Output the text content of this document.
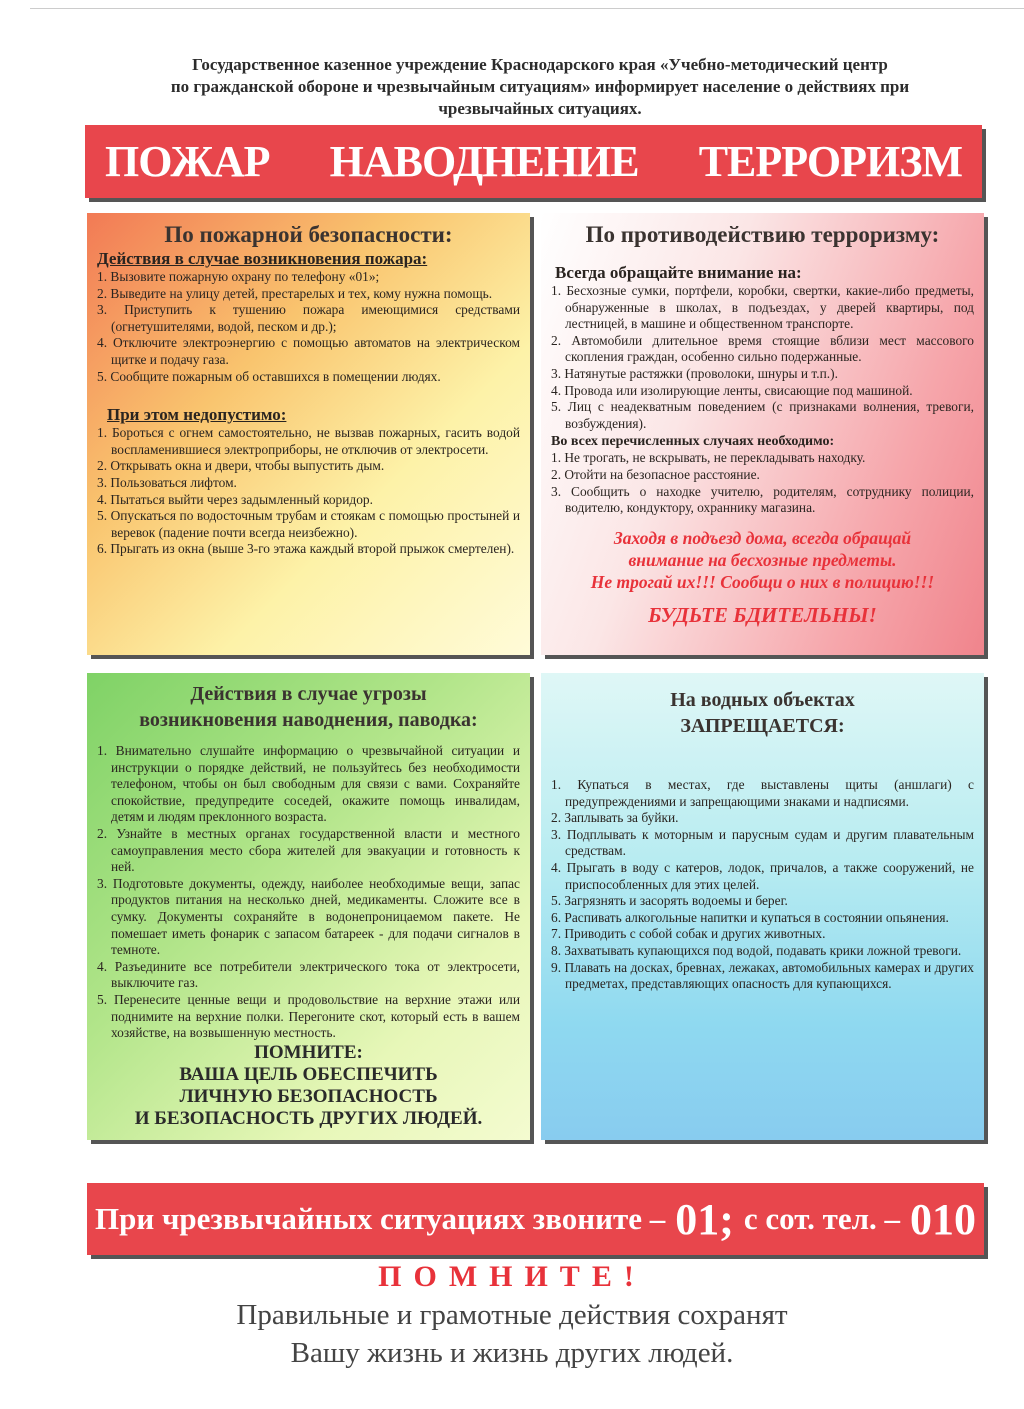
Государственное казенное учреждение Краснодарского края «Учебно-методический центр
по гражданской обороне и чрезвычайным ситуациям» информирует население о действиях при
чрезвычайных ситуациях.
ПОЖАР НАВОДНЕНИЕ ТЕРРОРИЗМ
По пожарной безопасности:
Действия в случае возникновения пожара:
1. Вызовите пожарную охрану по телефону «01»;
2. Выведите на улицу детей, престарелых и тех, кому нужна помощь.
3. Приступить к тушению пожара имеющимися средствами (огнетушителями, водой, песком и др.);
4. Отключите электроэнергию с помощью автоматов на электрическом щитке и подачу газа.
5. Сообщите пожарным об оставшихся в помещении людях.
При этом недопустимо:
1. Бороться с огнем самостоятельно, не вызвав пожарных, гасить водой воспламенившиеся электроприборы, не отключив от электросети.
2. Открывать окна и двери, чтобы выпустить дым.
3. Пользоваться лифтом.
4. Пытаться выйти через задымленный коридор.
5. Опускаться по водосточным трубам и стоякам с помощью простыней и веревок (падение почти всегда неизбежно).
6. Прыгать из окна (выше 3-го этажа каждый второй прыжок смертелен).
По противодействию терроризму:
Всегда обращайте внимание на:
1. Бесхозные сумки, портфели, коробки, свертки, какие-либо предметы, обнаруженные в школах, в подъездах, у дверей квартиры, под лестницей, в машине и общественном транспорте.
2. Автомобили длительное время стоящие вблизи мест массового скопления граждан, особенно сильно подержанные.
3. Натянутые растяжки (проволоки, шнуры и т.п.).
4. Провода или изолирующие ленты, свисающие под машиной.
5. Лиц с неадекватным поведением (с признаками волнения, тревоги, возбуждения).
Во всех перечисленных случаях необходимо:
1. Не трогать, не вскрывать, не перекладывать находку.
2. Отойти на безопасное расстояние.
3. Сообщить о находке учителю, родителям, сотруднику полиции, водителю, кондуктору, охраннику магазина.
Заходя в подъезд дома, всегда обращай
внимание на бесхозные предметы.
Не трогай их!!! Сообщи о них в полицию!!!
БУДЬТЕ БДИТЕЛЬНЫ!
Действия в случае угрозы
возникновения наводнения, паводка:
1. Внимательно слушайте информацию о чрезвычайной ситуации и инструкции о порядке действий, не пользуйтесь без необходимости телефоном, чтобы он был свободным для связи с вами. Сохраняйте спокойствие, предупредите соседей, окажите помощь инвалидам, детям и людям преклонного возраста.
2. Узнайте в местных органах государственной власти и местного самоуправления место сбора жителей для эвакуации и готовность к ней.
3. Подготовьте документы, одежду, наиболее необходимые вещи, запас продуктов питания на несколько дней, медикаменты. Сложите все в сумку. Документы сохраняйте в водонепроницаемом пакете. Не помешает иметь фонарик с запасом батареек - для подачи сигналов в темноте.
4. Разъедините все потребители электрического тока от электросети, выключите газ.
5. Перенесите ценные вещи и продовольствие на верхние этажи или поднимите на верхние полки. Перегоните скот, который есть в вашем хозяйстве, на возвышенную местность.
ПОМНИТЕ:
ВАША ЦЕЛЬ ОБЕСПЕЧИТЬ
ЛИЧНУЮ БЕЗОПАСНОСТЬ
И БЕЗОПАСНОСТЬ ДРУГИХ ЛЮДЕЙ.
На водных объектах
ЗАПРЕЩАЕТСЯ:
1. Купаться в местах, где выставлены щиты (аншлаги) с предупреждениями и запрещающими знаками и надписями.
2. Заплывать за буйки.
3. Подплывать к моторным и парусным судам и другим плавательным средствам.
4. Прыгать в воду с катеров, лодок, причалов, а также сооружений, не приспособленных для этих целей.
5. Загрязнять и засорять водоемы и берег.
6. Распивать алкогольные напитки и купаться в состоянии опьянения.
7. Приводить с собой собак и других животных.
8. Захватывать купающихся под водой, подавать крики ложной тревоги.
9. Плавать на досках, бревнах, лежаках, автомобильных камерах и других предметах, представляющих опасность для купающихся.
При чрезвычайных ситуациях звоните – 01; с сот. тел. – 010
ПОМНИТЕ!
Правильные и грамотные действия сохранят
Вашу жизнь и жизнь других людей.
